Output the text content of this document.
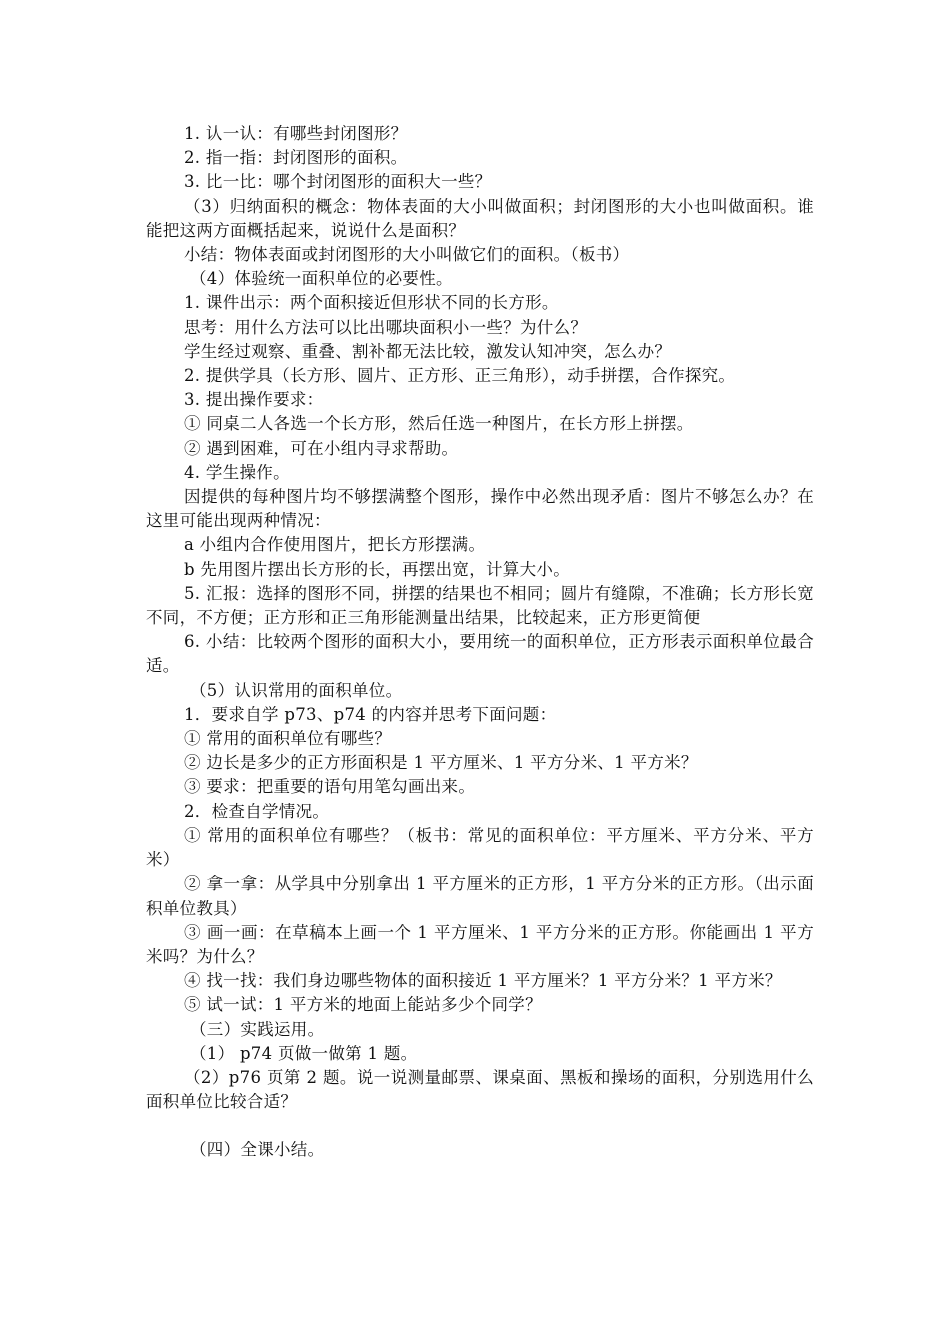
1. 认一认：有哪些封闭图形？

2. 指一指：封闭图形的面积。

3. 比一比：哪个封闭图形的面积大一些？

（3）归纳面积的概念：物体表面的大小叫做面积；封闭图形的大小也叫做面积。谁能把这两方面概括起来，说说什么是面积？

小结：物体表面或封闭图形的大小叫做它们的面积。（板书）

（4）体验统一面积单位的必要性。

1. 课件出示：两个面积接近但形状不同的长方形。

思考：用什么方法可以比出哪块面积小一些？为什么？

学生经过观察、重叠、割补都无法比较，激发认知冲突，怎么办？

2. 提供学具（长方形、圆片、正方形、正三角形），动手拼摆，合作探究。

3. 提出操作要求：

① 同桌二人各选一个长方形，然后任选一种图片，在长方形上拼摆。

② 遇到困难，可在小组内寻求帮助。

4. 学生操作。

因提供的每种图片均不够摆满整个图形，操作中必然出现矛盾：图片不够怎么办？在这里可能出现两种情况：

a 小组内合作使用图片，把长方形摆满。

b 先用图片摆出长方形的长，再摆出宽，计算大小。

5. 汇报：选择的图形不同，拼摆的结果也不相同；圆片有缝隙，不准确；长方形长宽不同，不方便；正方形和正三角形能测量出结果，比较起来，正方形更简便

6. 小结：比较两个图形的面积大小，要用统一的面积单位，正方形表示面积单位最合适。

（5）认识常用的面积单位。

1．要求自学 p73、p74 的内容并思考下面问题：

① 常用的面积单位有哪些？

② 边长是多少的正方形面积是 1 平方厘米、1 平方分米、1 平方米？

③ 要求：把重要的语句用笔勾画出来。

2．检查自学情况。

① 常用的面积单位有哪些？（板书：常见的面积单位：平方厘米、平方分米、平方米）

② 拿一拿：从学具中分别拿出 1 平方厘米的正方形，1 平方分米的正方形。（出示面积单位教具）

③ 画一画：在草稿本上画一个 1 平方厘米、1 平方分米的正方形。你能画出 1 平方米吗？为什么？

④ 找一找：我们身边哪些物体的面积接近 1 平方厘米？1 平方分米？1 平方米？

⑤ 试一试：1 平方米的地面上能站多少个同学？

（三）实践运用。

（1） p74 页做一做第 1 题。

（2）p76 页第 2 题。说一说测量邮票、课桌面、黑板和操场的面积，分别选用什么面积单位比较合适？

（四）全课小结。
